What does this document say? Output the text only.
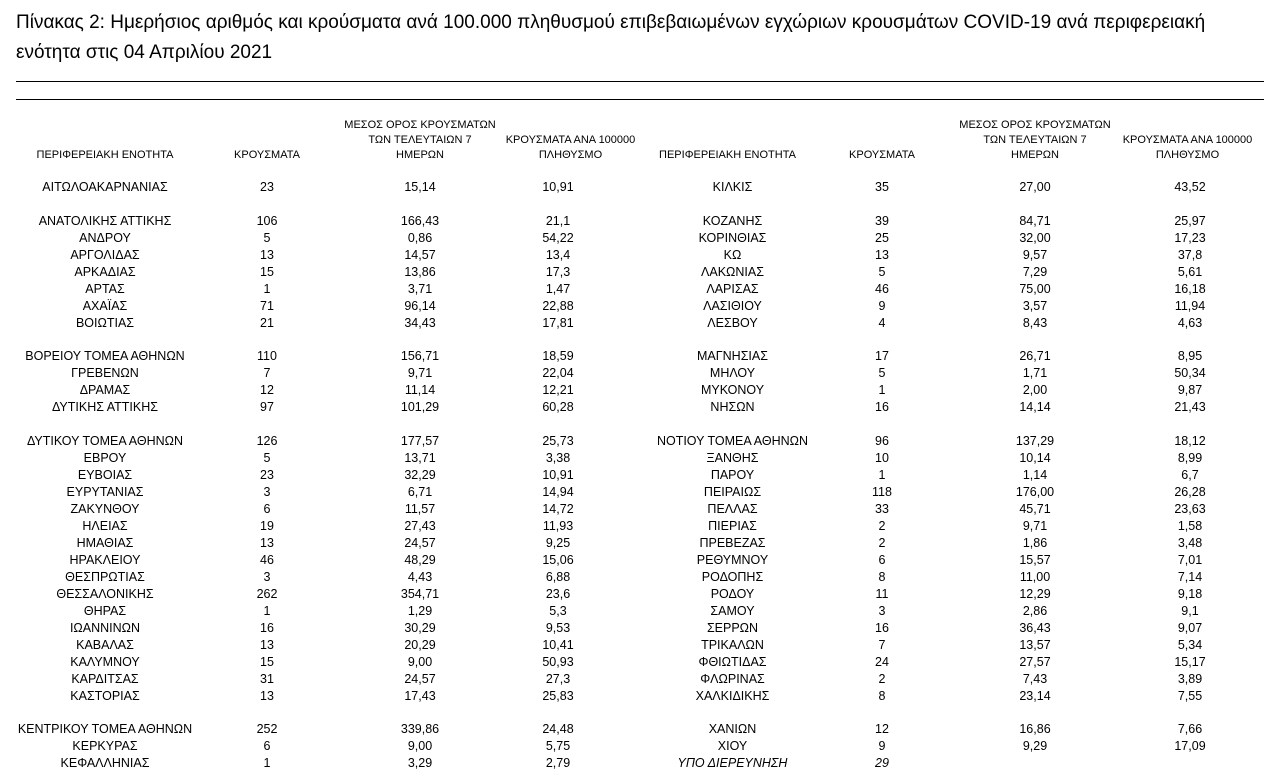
Πίνακας 2: Ημερήσιος αριθμός και κρούσματα ανά 100.000 πληθυσμού επιβεβαιωμένων εγχώριων κρουσμάτων COVID-19 ανά περιφερειακή ενότητα στις 04 Απριλίου 2021
ΠΕΡΙΦΕΡΕΙΑΚΗ ΕΝΟΤΗΤΑ	ΚΡΟΥΣΜΑΤΑ
ΜΕΣΟΣ ΟΡΟΣ ΚΡΟΥΣΜΑΤΩΝ
ΤΩΝ ΤΕΛΕΥΤΑΙΩΝ 7
ΗΜΕΡΩΝ
ΚΡΟΥΣΜΑΤΑ ΑΝΑ 100000
ΠΛΗΘΥΣΜΟ	ΠΕΡΙΦΕΡΕΙΑΚΗ ΕΝΟΤΗΤΑ	ΚΡΟΥΣΜΑΤΑ
ΜΕΣΟΣ ΟΡΟΣ ΚΡΟΥΣΜΑΤΩΝ
ΤΩΝ ΤΕΛΕΥΤΑΙΩΝ 7
ΗΜΕΡΩΝ
ΚΡΟΥΣΜΑΤΑ ΑΝΑ 100000
ΠΛΗΘΥΣΜΟ
ΑΙΤΩΛΟΑΚΑΡΝΑΝΙΑΣ	23	15,14	10,91	ΚΙΛΚΙΣ	35	27,00	43,52
ΑΝΑΤΟΛΙΚΗΣ ΑΤΤΙΚΗΣ	106	166,43	21,1	ΚΟΖΑΝΗΣ	39	84,71	25,97
ΑΝΔΡΟΥ	5	0,86	54,22	ΚΟΡΙΝΘΙΑΣ	25	32,00	17,23
ΑΡΓΟΛΙΔΑΣ	13	14,57	13,4	ΚΩ	13	9,57	37,8
ΑΡΚΑΔΙΑΣ	15	13,86	17,3	ΛΑΚΩΝΙΑΣ	5	7,29	5,61
ΑΡΤΑΣ	1	3,71	1,47	ΛΑΡΙΣΑΣ	46	75,00	16,18
ΑΧΑΪΑΣ	71	96,14	22,88	ΛΑΣΙΘΙΟΥ	9	3,57	11,94
ΒΟΙΩΤΙΑΣ	21	34,43	17,81	ΛΕΣΒΟΥ	4	8,43	4,63
ΒΟΡΕΙΟΥ ΤΟΜΕΑ ΑΘΗΝΩΝ	110	156,71	18,59	ΜΑΓΝΗΣΙΑΣ	17	26,71	8,95
ΓΡΕΒΕΝΩΝ	7	9,71	22,04	ΜΗΛΟΥ	5	1,71	50,34
ΔΡΑΜΑΣ	12	11,14	12,21	ΜΥΚΟΝΟΥ	1	2,00	9,87
ΔΥΤΙΚΗΣ ΑΤΤΙΚΗΣ	97	101,29	60,28	ΝΗΣΩΝ	16	14,14	21,43
ΔΥΤΙΚΟΥ ΤΟΜΕΑ ΑΘΗΝΩΝ	126	177,57	25,73	ΝΟΤΙΟΥ ΤΟΜΕΑ ΑΘΗΝΩΝ	96	137,29	18,12
ΕΒΡΟΥ	5	13,71	3,38	ΞΑΝΘΗΣ	10	10,14	8,99
ΕΥΒΟΙΑΣ	23	32,29	10,91	ΠΑΡΟΥ	1	1,14	6,7
ΕΥΡΥΤΑΝΙΑΣ	3	6,71	14,94	ΠΕΙΡΑΙΩΣ	118	176,00	26,28
ΖΑΚΥΝΘΟΥ	6	11,57	14,72	ΠΕΛΛΑΣ	33	45,71	23,63
ΗΛΕΙΑΣ	19	27,43	11,93	ΠΙΕΡΙΑΣ	2	9,71	1,58
ΗΜΑΘΙΑΣ	13	24,57	9,25	ΠΡΕΒΕΖΑΣ	2	1,86	3,48
ΗΡΑΚΛΕΙΟΥ	46	48,29	15,06	ΡΕΘΥΜΝΟΥ	6	15,57	7,01
ΘΕΣΠΡΩΤΙΑΣ	3	4,43	6,88	ΡΟΔΟΠΗΣ	8	11,00	7,14
ΘΕΣΣΑΛΟΝΙΚΗΣ	262	354,71	23,6	ΡΟΔΟΥ	11	12,29	9,18
ΘΗΡΑΣ	1	1,29	5,3	ΣΑΜΟΥ	3	2,86	9,1
ΙΩΑΝΝΙΝΩΝ	16	30,29	9,53	ΣΕΡΡΩΝ	16	36,43	9,07
ΚΑΒΑΛΑΣ	13	20,29	10,41	ΤΡΙΚΑΛΩΝ	7	13,57	5,34
ΚΑΛΥΜΝΟΥ	15	9,00	50,93	ΦΘΙΩΤΙΔΑΣ	24	27,57	15,17
ΚΑΡΔΙΤΣΑΣ	31	24,57	27,3	ΦΛΩΡΙΝΑΣ	2	7,43	3,89
ΚΑΣΤΟΡΙΑΣ	13	17,43	25,83	ΧΑΛΚΙΔΙΚΗΣ	8	23,14	7,55
ΚΕΝΤΡΙΚΟΥ ΤΟΜΕΑ ΑΘΗΝΩΝ	252	339,86	24,48	ΧΑΝΙΩΝ	12	16,86	7,66
ΚΕΡΚΥΡΑΣ	6	9,00	5,75	ΧΙΟΥ	9	9,29	17,09
ΚΕΦΑΛΛΗΝΙΑΣ	1	3,29	2,79	ΥΠΟ ΔΙΕΡΕΥΝΗΣΗ	29
